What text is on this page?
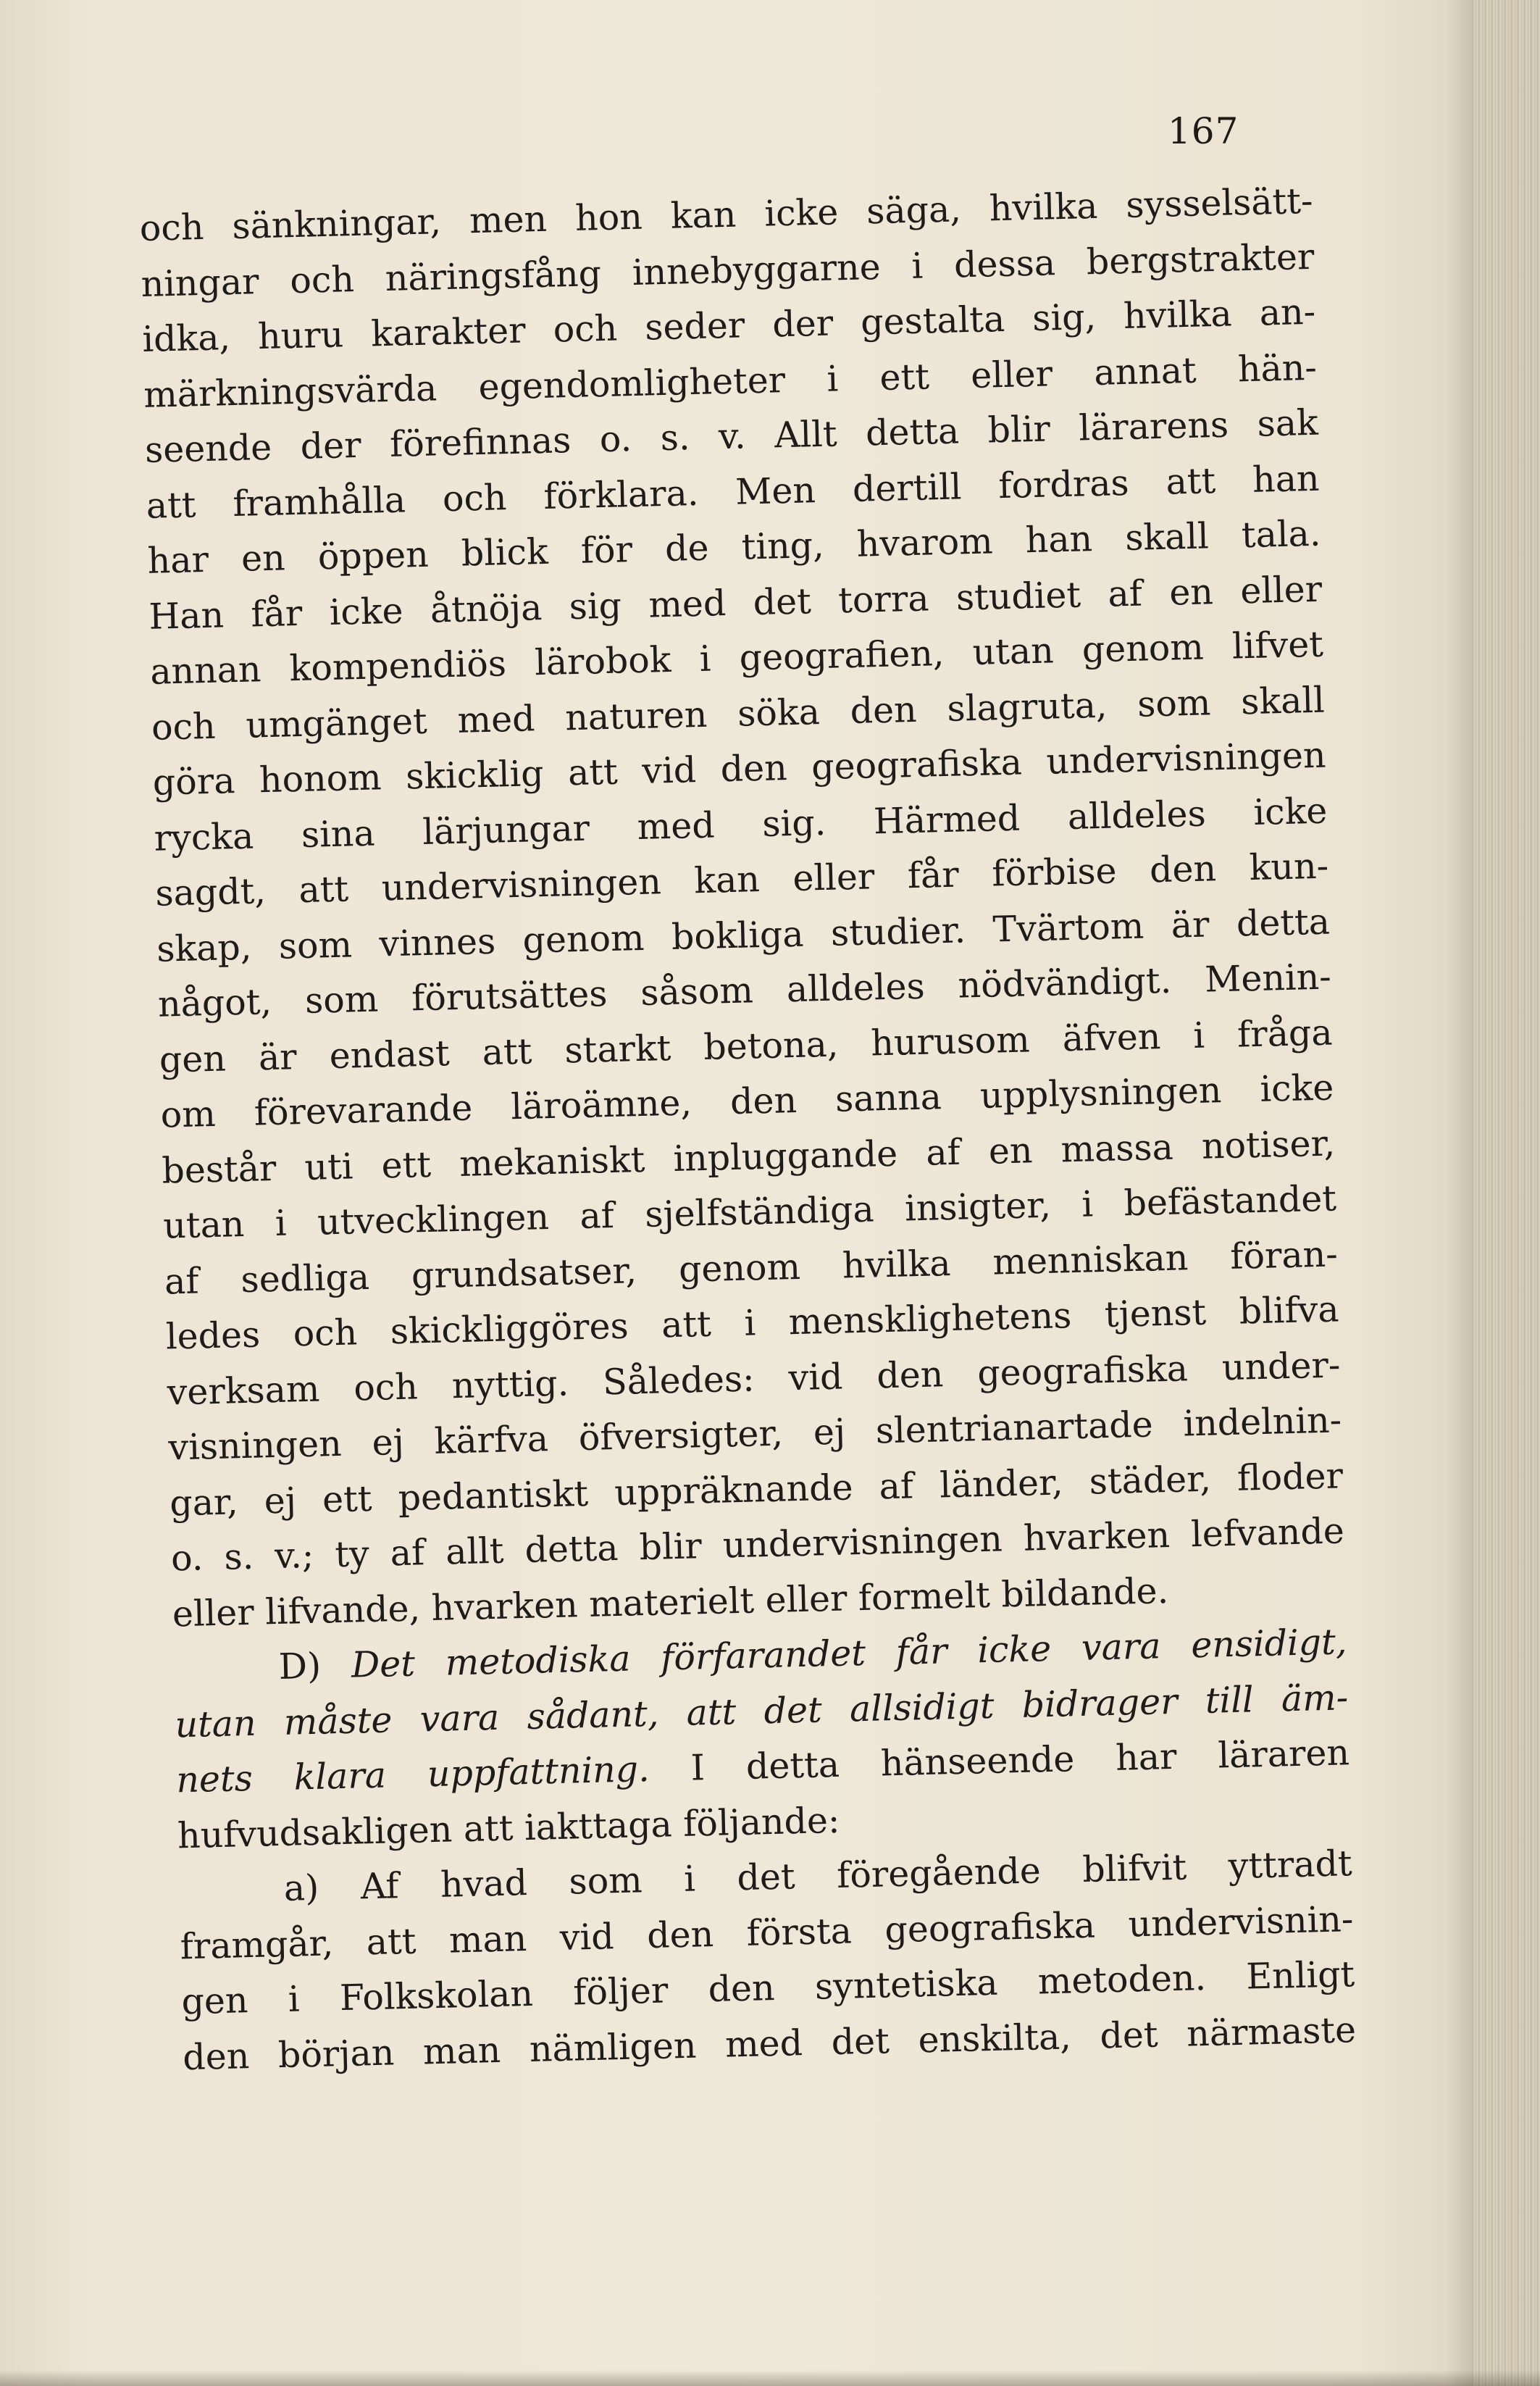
167
och sänkningar, men hon kan icke säga, hvilka sysselsätt-
ningar och näringsfång innebyggarne i dessa bergstrakter
idka, huru karakter och seder der gestalta sig, hvilka an-
märkningsvärda egendomligheter i ett eller annat hän-
seende der förefinnas o. s. v. Allt detta blir lärarens sak
att framhålla och förklara. Men dertill fordras att han
har en öppen blick för de ting, hvarom han skall tala.
Han får icke åtnöja sig med det torra studiet af en eller
annan kompendiös lärobok i geografien, utan genom lifvet
och umgänget med naturen söka den slagruta, som skall
göra honom skicklig att vid den geografiska undervisningen
rycka sina lärjungar med sig. Härmed alldeles icke
sagdt, att undervisningen kan eller får förbise den kun-
skap, som vinnes genom bokliga studier. Tvärtom är detta
något, som förutsättes såsom alldeles nödvändigt. Menin-
gen är endast att starkt betona, hurusom äfven i fråga
om förevarande läroämne, den sanna upplysningen icke
består uti ett mekaniskt inpluggande af en massa notiser,
utan i utvecklingen af sjelfständiga insigter, i befästandet
af sedliga grundsatser, genom hvilka menniskan föran-
ledes och skickliggöres att i mensklighetens tjenst blifva
verksam och nyttig. Således: vid den geografiska under-
visningen ej kärfva öfversigter, ej slentrianartade indelnin-
gar, ej ett pedantiskt uppräknande af länder, städer, floder
o. s. v.; ty af allt detta blir undervisningen hvarken lefvande
eller lifvande, hvarken materielt eller formelt bildande.
D) Det metodiska förfarandet får icke vara ensidigt,
utan måste vara sådant, att det allsidigt bidrager till äm-
nets klara uppfattning. I detta hänseende har läraren
hufvudsakligen att iakttaga följande:
a) Af hvad som i det föregående blifvit yttradt
framgår, att man vid den första geografiska undervisnin-
gen i Folkskolan följer den syntetiska metoden. Enligt
den början man nämligen med det enskilta, det närmaste
